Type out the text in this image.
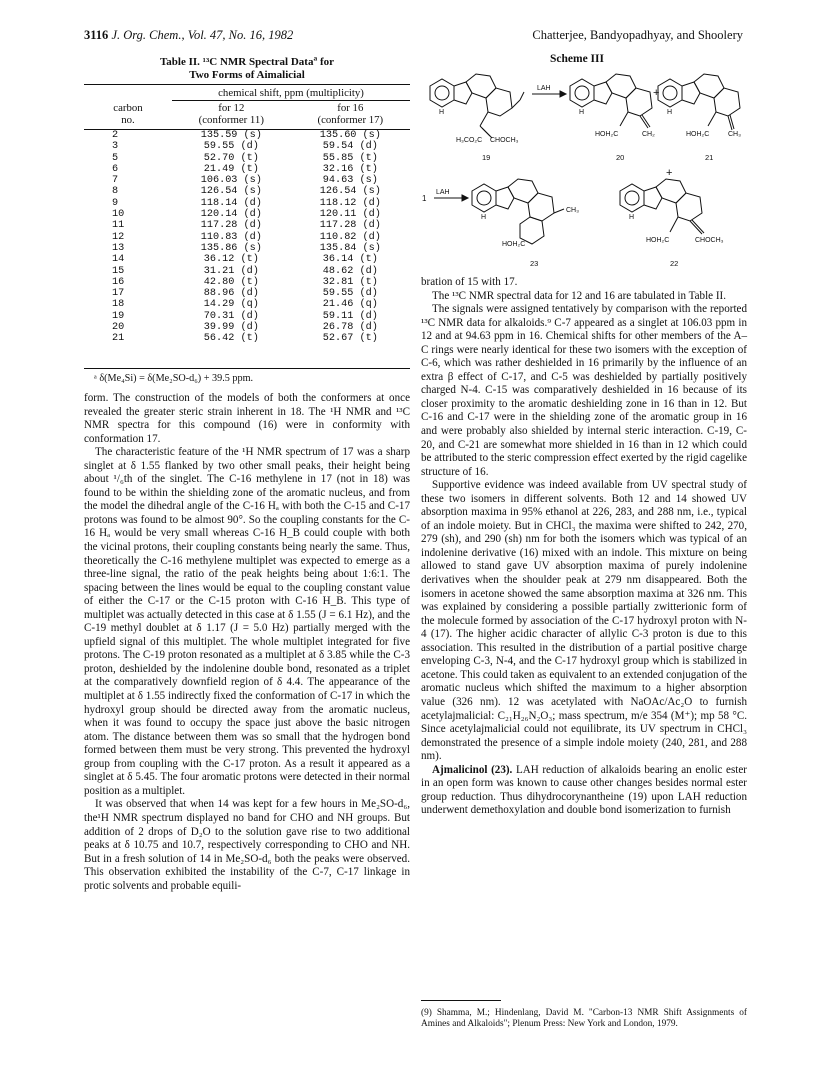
3116 J. Org. Chem., Vol. 47, No. 16, 1982	Chatterjee, Bandyopadhyay, and Shoolery
Table II. ¹³C NMR Spectral Data$^a$ for
Two Forms of Aimalicial
	chemical shift, ppm (multiplicity)	
carbon
no.	for 12
(conformer 11)	for 16
(conformer 17)

2	135.59 (s)	135.60 (s)
3	59.55 (d)	59.54 (d)
5	52.70 (t)	55.85 (t)
6	21.49 (t)	32.16 (t)
7	106.03 (s)	94.63 (s)
8	126.54 (s)	126.54 (s)
9	118.14 (d)	118.12 (d)
10	120.14 (d)	120.11 (d)
11	117.28 (d)	117.28 (d)
12	110.83 (d)	110.82 (d)
13	135.86 (s)	135.84 (s)
14	36.12 (t)	36.14 (t)
15	31.21 (d)	48.62 (d)
16	42.80 (t)	32.81 (t)
17	88.96 (d)	59.55 (d)
18	14.29 (q)	21.46 (q)
19	70.31 (d)	59.11 (d)
20	39.99 (d)	26.78 (d)
21	56.42 (t)	52.67 (t)
ᵃ δ(Me₄Si) = δ(Me₂SO-d₆) + 39.5 ppm.
Scheme III
LAH
LAH
1
+
+
H
H₃CO₂C CHOCH₃
H
HOH₂C	CH₂
H
HOH₂C	CH₃
H
HOH₂C
CH₃
H
HOH₂C	CHOCH₃
19	20	21
23	22

form. The construction of the models of both the conformers at once revealed the greater steric strain inherent in 18. The ¹H NMR and ¹³C NMR spectra for this compound (16) were in conformity with conformation 17.

The characteristic feature of the ¹H NMR spectrum of 17 was a sharp singlet at δ 1.55 flanked by two other small peaks, their height being about ¹/₆th of the singlet. The C-16 methylene in 17 (not in 18) was found to be within the shielding zone of the aromatic nucleus, and from the model the dihedral angle of the C-16 Hₐ with both the C-15 and C-17 protons was found to be almost 90°. So the coupling constants for the C-16 Hₐ would be very small whereas C-16 H_B could couple with both the vicinal protons, their coupling constants being nearly the same. Thus, theoretically the C-16 methylene multiplet was expected to emerge as a three-line signal, the ratio of the peak heights being about 1:6:1. The spacing between the lines would be equal to the coupling constant value of either the C-17 or the C-15 proton with C-16 H_B. This type of multiplet was actually detected in this case at δ 1.55 (J = 6.1 Hz), and the C-19 methyl doublet at δ 1.17 (J = 5.0 Hz) partially merged with the upfield signal of this multiplet. The whole multiplet integrated for five protons. The C-19 proton resonated as a multiplet at δ 3.85 while the C-3 proton, deshielded by the indolenine double bond, resonated as a triplet at the comparatively downfield region of δ 4.4. The appearance of the multiplet at δ 1.55 indirectly fixed the conformation of C-17 in which the hydroxyl group should be directed away from the aromatic nucleus, when it was found to occupy the space just above the basic nitrogen atom. The distance between them was so small that the hydrogen bond formed between them must be very strong. This prevented the hydroxyl group from coupling with the C-17 proton. As a result it appeared as a singlet at δ 5.45. The four aromatic protons were detected in their normal position as a multiplet.

It was observed that when 14 was kept for a few hours in Me₂SO-d₆, the¹H NMR spectrum displayed no band for CHO and NH groups. But addition of 2 drops of D₂O to the solution gave rise to two additional peaks at δ 10.75 and 10.7, respectively corresponding to CHO and NH. But in a fresh solution of 14 in Me₂SO-d₆ both the peaks were observed. This observation exhibited the instability of the C-7, C-17 linkage in protic solvents and probable equili-

bration of 15 with 17.

The ¹³C NMR spectral data for 12 and 16 are tabulated in Table II.

The signals were assigned tentatively by comparison with the reported ¹³C NMR data for alkaloids.⁹ C-7 appeared as a singlet at 106.03 ppm in 12 and at 94.63 ppm in 16. Chemical shifts for other members of the A–C rings were nearly identical for these two isomers with the exception of C-6, which was rather deshielded in 16 primarily by the influence of an extra β effect of C-17, and C-5 was deshielded by partially positively charged N-4. C-15 was comparatively deshielded in 16 because of its closer proximity to the aromatic deshielding zone in 16 than in 12. But C-16 and C-17 were in the shielding zone of the aromatic group in 16 and were probably also shielded by internal steric interaction. C-19, C-20, and C-21 are somewhat more shielded in 16 than in 12 which could be attributed to the steric compression effect exerted by the rigid cagelike structure of 16.

Supportive evidence was indeed available from UV spectral study of these two isomers in different solvents. Both 12 and 14 showed UV absorption maxima in 95% ethanol at 226, 283, and 288 nm, i.e., typical of an indole moiety. But in CHCl₃ the maxima were shifted to 242, 270, 279 (sh), and 290 (sh) nm for both the isomers which was typical of an indolenine derivative (16) mixed with an indole. This mixture on being allowed to stand gave UV absorption maxima of purely indolenine derivatives when the shoulder peak at 279 nm disappeared. Both the isomers in acetone showed the same absorption maxima at 326 nm. This was explained by considering a possible partially zwitterionic form of the molecule formed by association of the C-17 hydroxyl proton with N-4 (17). The higher acidic character of allylic C-3 proton is due to this association. This resulted in the distribution of a partial positive charge enveloping C-3, N-4, and the C-17 hydroxyl group which is stabilized in acetone. This could taken as equivalent to an extended conjugation of the aromatic nucleus which shifted the maximum to a higher absorption value (326 nm). 12 was acetylated with NaOAc/Ac₂O to furnish acetylajmalicial: C₂₁H₂₆N₂O₃; mass spectrum, m/e 354 (M⁺); mp 58 °C. Since acetylajmalicial could not equilibrate, its UV spectrum in CHCl₃ demonstrated the presence of a simple indole moiety (240, 281, and 288 nm).

Ajmalicinol (23). LAH reduction of alkaloids bearing an enolic ester in an open form was known to cause other changes besides normal ester group reduction. Thus dihydrocorynantheine (19) upon LAH reduction underwent demethoxylation and double bond isomerization to furnish

(9) Shamma, M.; Hindenlang, David M. "Carbon-13 NMR Shift Assignments of Amines and Alkaloids"; Plenum Press: New York and London, 1979.
